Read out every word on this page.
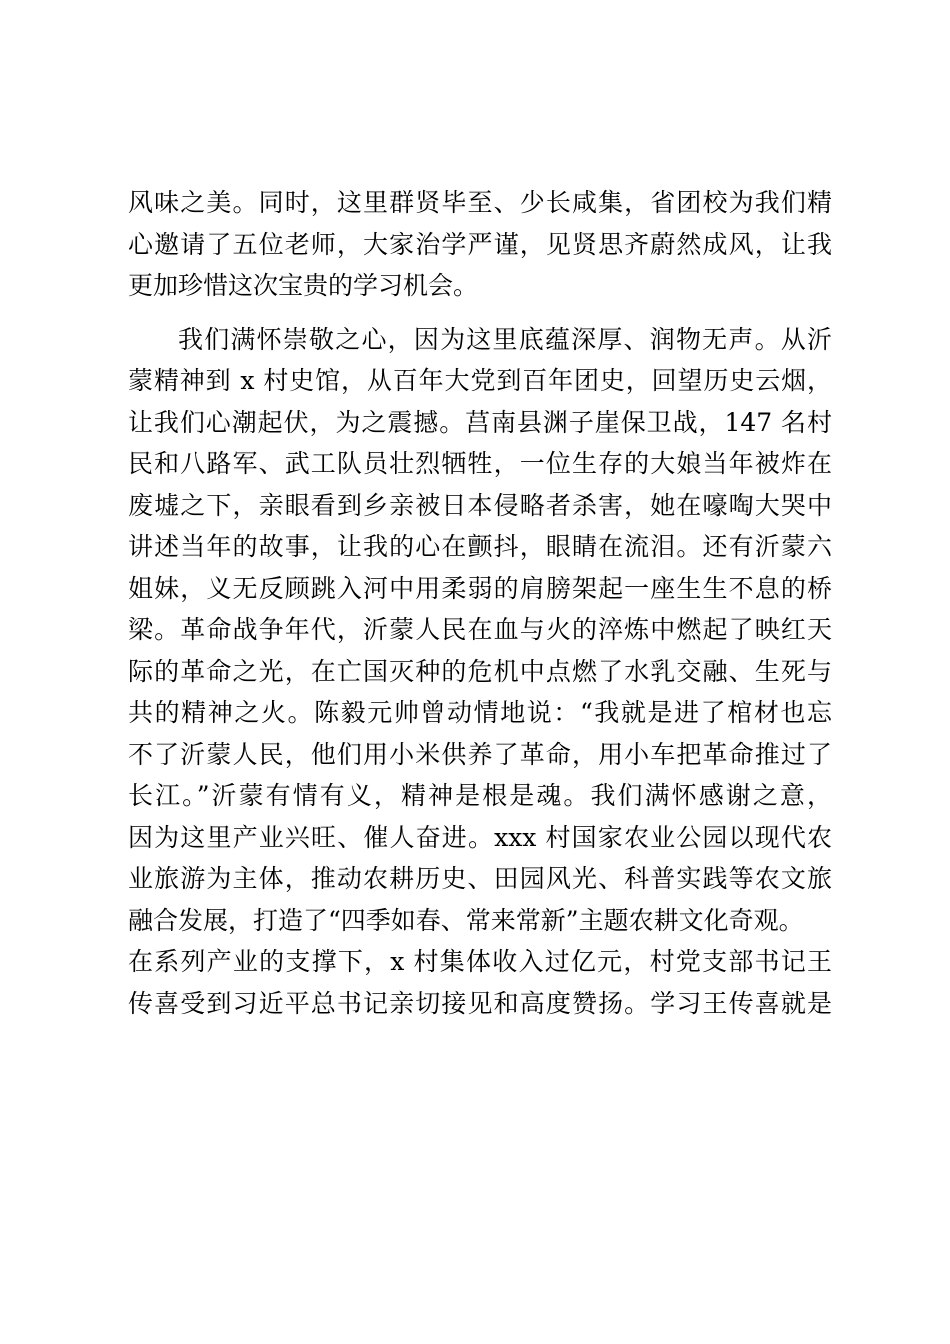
风味之美。同时，这里群贤毕至、少长咸集，省团校为我们精
心邀请了五位老师，大家治学严谨，见贤思齐蔚然成风，让我
更加珍惜这次宝贵的学习机会。
我们满怀崇敬之心，因为这里底蕴深厚、润物无声。从沂
蒙精神到 x 村史馆，从百年大党到百年团史，回望历史云烟，
让我们心潮起伏，为之震撼。莒南县渊子崖保卫战，147 名村
民和八路军、武工队员壮烈牺牲，一位生存的大娘当年被炸在
废墟之下，亲眼看到乡亲被日本侵略者杀害，她在嚎啕大哭中
讲述当年的故事，让我的心在颤抖，眼睛在流泪。还有沂蒙六
姐妹，义无反顾跳入河中用柔弱的肩膀架起一座生生不息的桥
梁。革命战争年代，沂蒙人民在血与火的淬炼中燃起了映红天
际的革命之光，在亡国灭种的危机中点燃了水乳交融、生死与
共的精神之火。陈毅元帅曾动情地说：“我就是进了棺材也忘
不了沂蒙人民，他们用小米供养了革命，用小车把革命推过了
长江。”沂蒙有情有义，精神是根是魂。我们满怀感谢之意，
因为这里产业兴旺、催人奋进。xxx 村国家农业公园以现代农
业旅游为主体，推动农耕历史、田园风光、科普实践等农文旅
融合发展，打造了“四季如春、常来常新”主题农耕文化奇观。
在系列产业的支撑下，x 村集体收入过亿元，村党支部书记王
传喜受到习近平总书记亲切接见和高度赞扬。学习王传喜就是
